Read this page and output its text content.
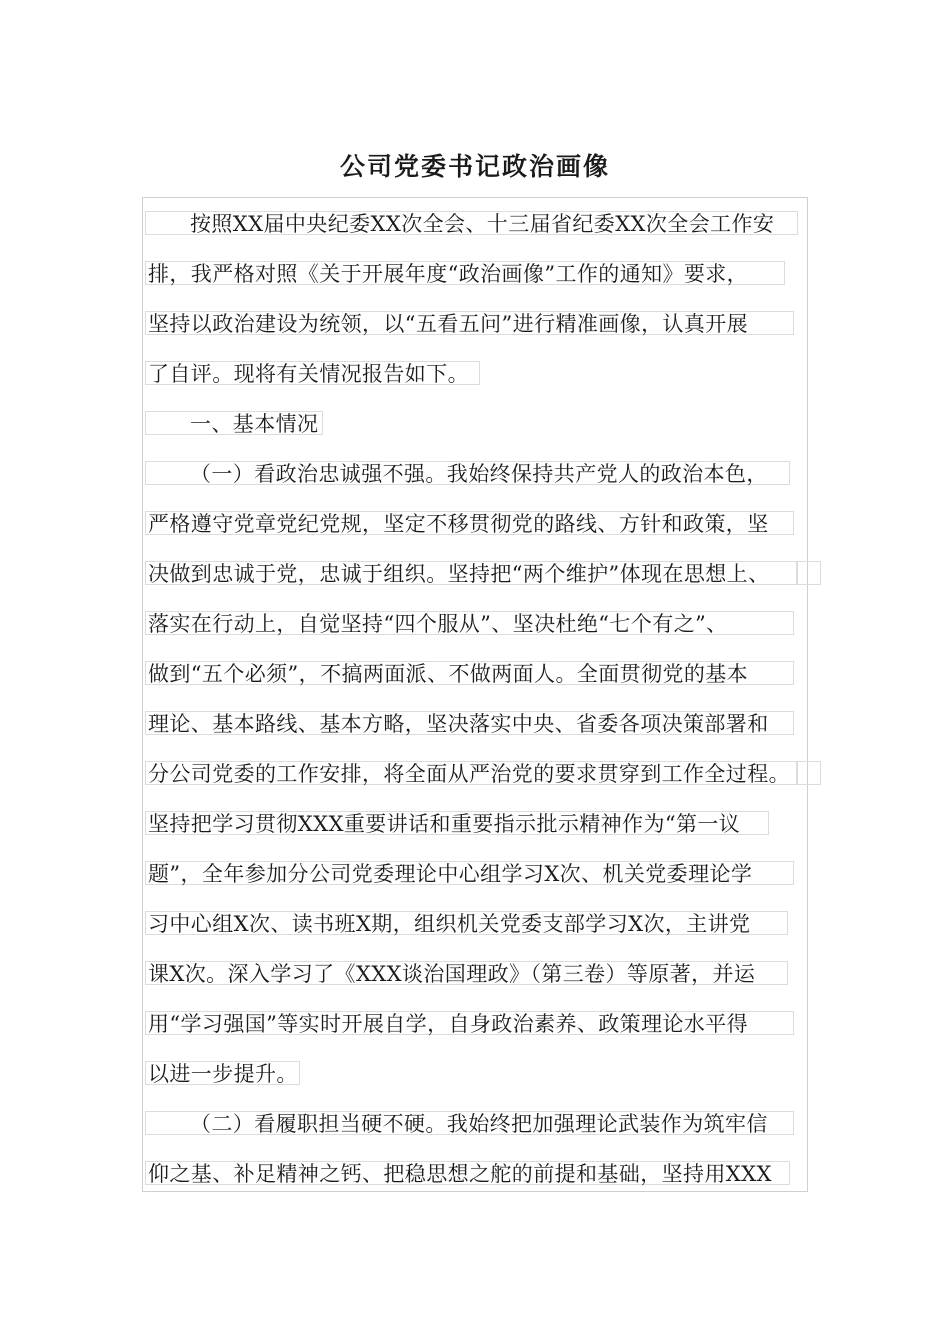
公司党委书记政治画像
按照XX届中央纪委XX次全会、十三届省纪委XX次全会工作安
排，我严格对照《关于开展年度“政治画像”工作的通知》要求，
坚持以政治建设为统领，以“五看五问”进行精准画像，认真开展
了自评。现将有关情况报告如下。
一、基本情况
（一）看政治忠诚强不强。我始终保持共产党人的政治本色，
严格遵守党章党纪党规，坚定不移贯彻党的路线、方针和政策，坚
决做到忠诚于党，忠诚于组织。坚持把“两个维护”体现在思想上、
落实在行动上，自觉坚持“四个服从”、坚决杜绝“七个有之”、
做到“五个必须”，不搞两面派、不做两面人。全面贯彻党的基本
理论、基本路线、基本方略，坚决落实中央、省委各项决策部署和
分公司党委的工作安排，将全面从严治党的要求贯穿到工作全过程。
坚持把学习贯彻XXX重要讲话和重要指示批示精神作为“第一议
题”，全年参加分公司党委理论中心组学习X次、机关党委理论学
习中心组X次、读书班X期，组织机关党委支部学习X次，主讲党
课X次。深入学习了《XXX谈治国理政》（第三卷）等原著，并运
用“学习强国”等实时开展自学，自身政治素养、政策理论水平得
以进一步提升。
（二）看履职担当硬不硬。我始终把加强理论武装作为筑牢信
仰之基、补足精神之钙、把稳思想之舵的前提和基础，坚持用XXX
